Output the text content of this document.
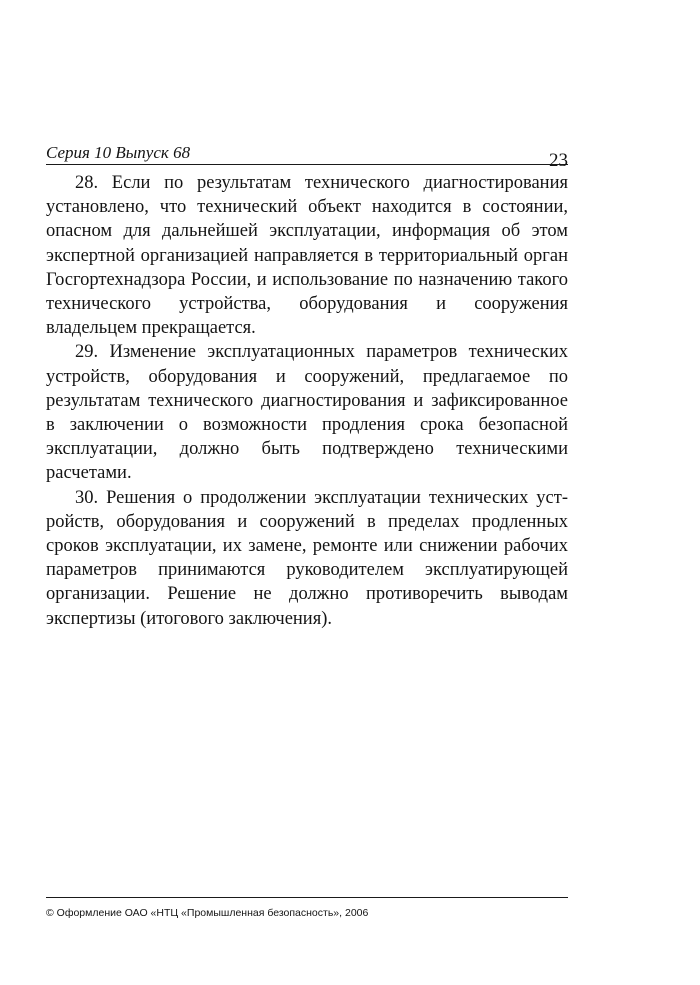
Серия 10 Выпуск 68	23

28. Если по результатам технического диагностирования установлено, что технический объект находится в состоянии, опасном для дальнейшей эксплуатации, информация об этом экспертной организацией направляется в территориальный орган Госгортехнадзора России, и использование по назначению такого технического устройства, оборудования и сооружения владельцем прекращается.

29. Изменение эксплуатационных параметров технических устройств, оборудования и сооружений, предлагаемое по результатам технического диагностирования и зафиксированное в заключении о возможности продления срока безопасной эксплуатации, должно быть подтверждено техническими расчетами.

30. Решения о продолжении эксплуатации технических устройств, оборудования и сооружений в пределах продленных сроков эксплуатации, их замене, ремонте или снижении рабочих параметров принимаются руководителем эксплуатирующей организации. Решение не должно противоречить выводам экспертизы (итогового заключения).

© Оформление ОАО «НТЦ «Промышленная безопасность», 2006
